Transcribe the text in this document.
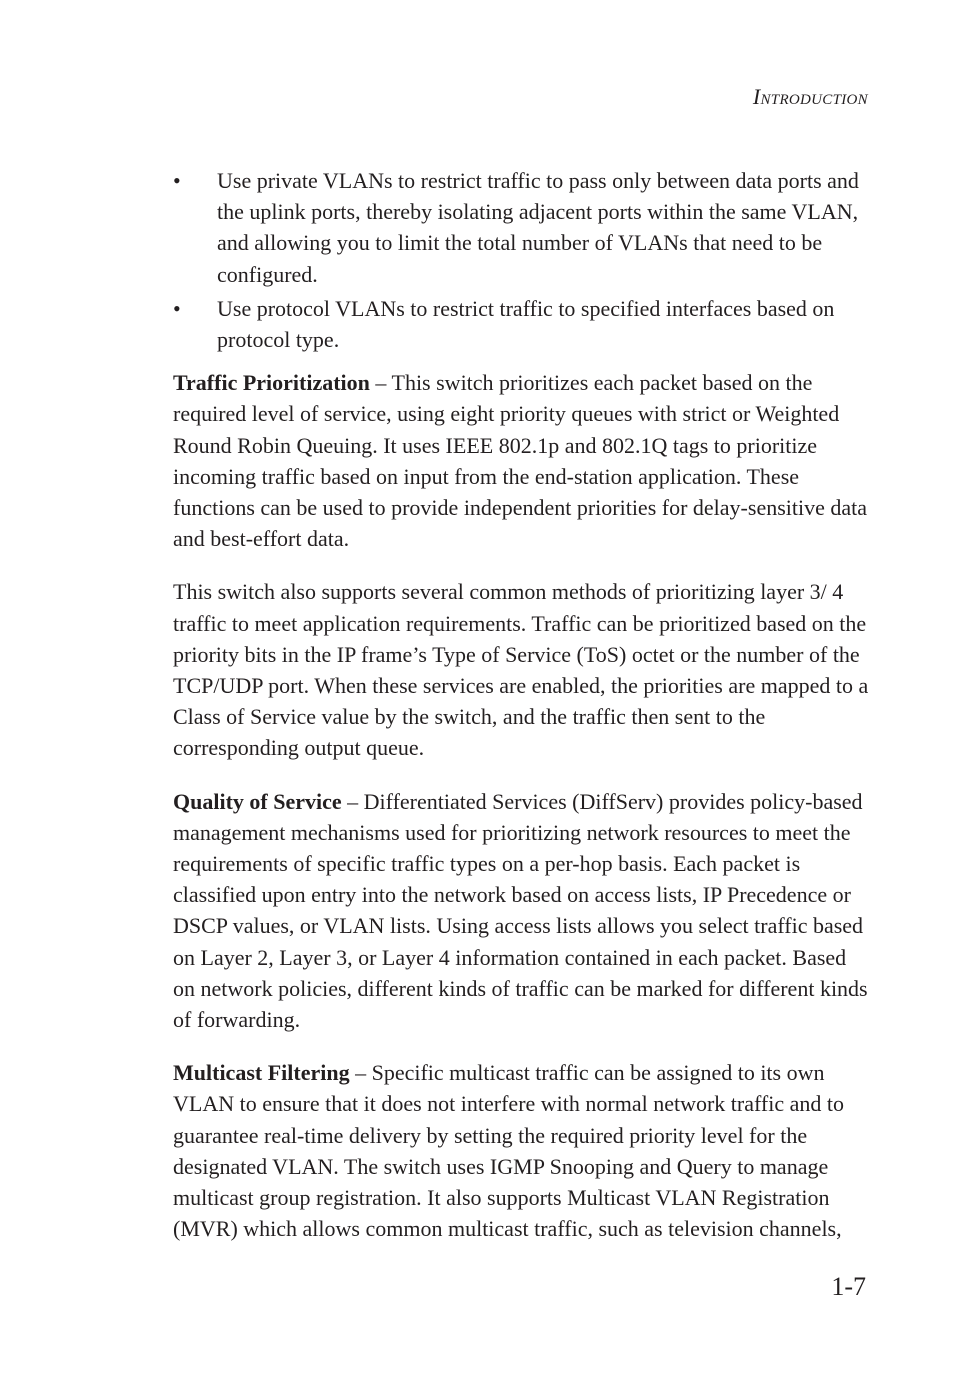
Introduction
• Use private VLANs to restrict traffic to pass only between data ports and the uplink ports, thereby isolating adjacent ports within the same VLAN, and allowing you to limit the total number of VLANs that need to be configured.
• Use protocol VLANs to restrict traffic to specified interfaces based on protocol type.

Traffic Prioritization – This switch prioritizes each packet based on the required level of service, using eight priority queues with strict or Weighted Round Robin Queuing. It uses IEEE 802.1p and 802.1Q tags to prioritize incoming traffic based on input from the end-station application. These functions can be used to provide independent priorities for delay-sensitive data and best-effort data.

This switch also supports several common methods of prioritizing layer 3/ 4 traffic to meet application requirements. Traffic can be prioritized based on the priority bits in the IP frame’s Type of Service (ToS) octet or the number of the TCP/UDP port. When these services are enabled, the priorities are mapped to a Class of Service value by the switch, and the traffic then sent to the corresponding output queue.

Quality of Service – Differentiated Services (DiffServ) provides policy-based management mechanisms used for prioritizing network resources to meet the requirements of specific traffic types on a per-hop basis. Each packet is classified upon entry into the network based on access lists, IP Precedence or DSCP values, or VLAN lists. Using access lists allows you select traffic based on Layer 2, Layer 3, or Layer 4 information contained in each packet. Based on network policies, different kinds of traffic can be marked for different kinds of forwarding.

Multicast Filtering – Specific multicast traffic can be assigned to its own VLAN to ensure that it does not interfere with normal network traffic and to guarantee real-time delivery by setting the required priority level for the designated VLAN. The switch uses IGMP Snooping and Query to manage multicast group registration. It also supports Multicast VLAN Registration (MVR) which allows common multicast traffic, such as television channels,

1-7
